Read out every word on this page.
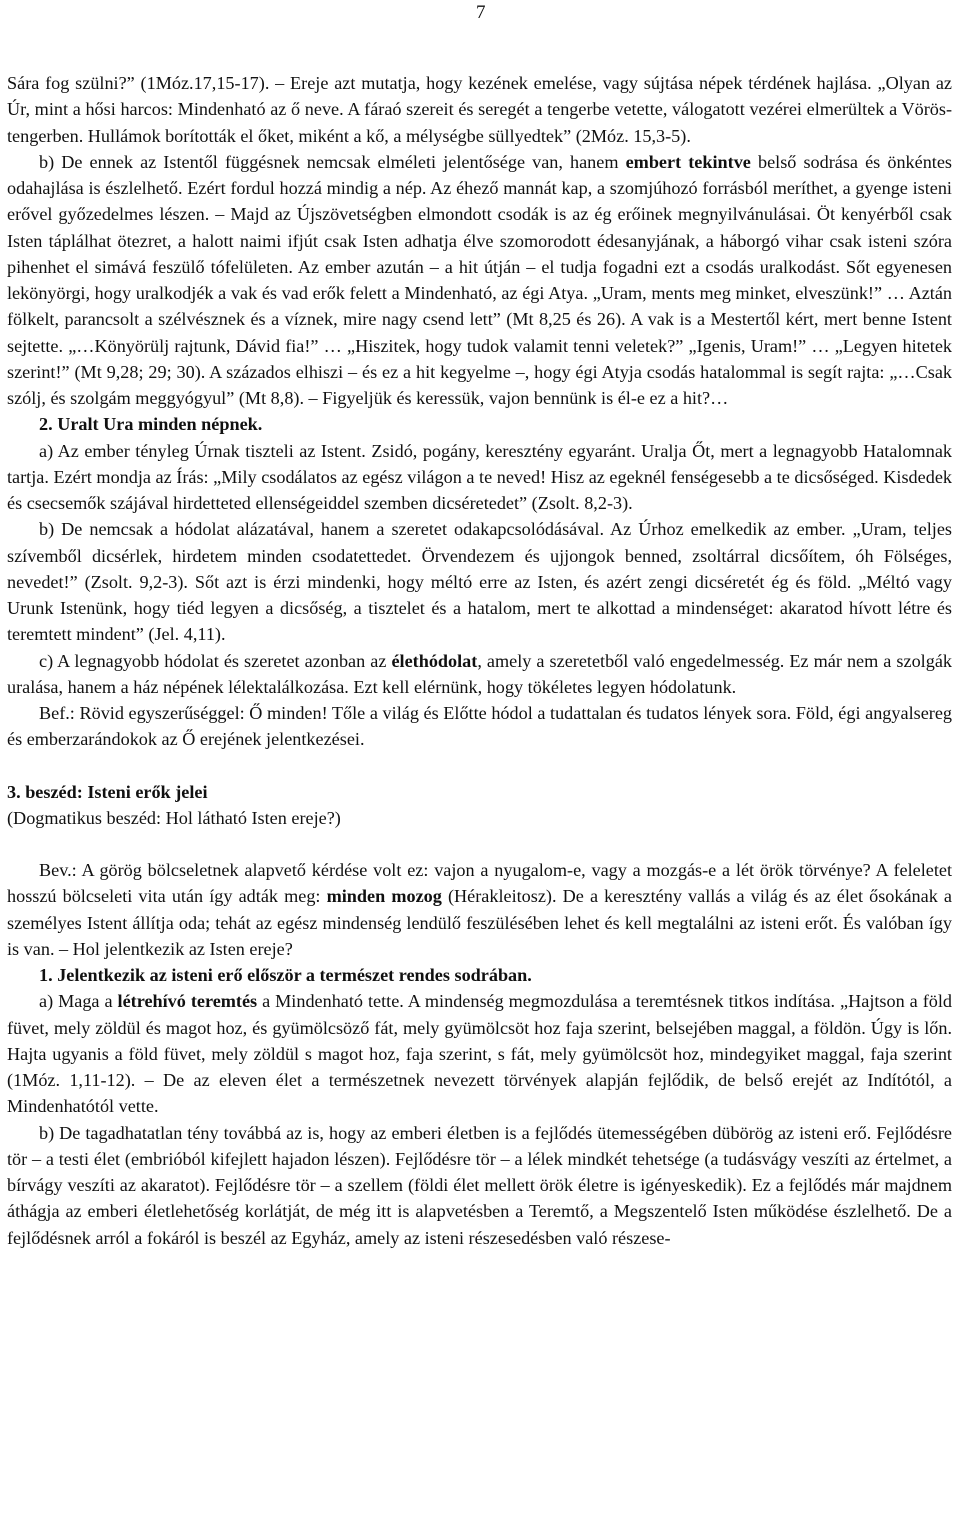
7

Sára fog szülni?” (1Móz.17,15-17). – Ereje azt mutatja, hogy kezének emelése, vagy sújtása népek térdének hajlása. „Olyan az Úr, mint a hősi harcos: Mindenható az ő neve. A fáraó szereit és seregét a tengerbe vetette, válogatott vezérei elmerültek a Vörös-tengerben. Hullámok borították el őket, miként a kő, a mélységbe süllyedtek” (2Móz. 15,3-5).

b) De ennek az Istentől függésnek nemcsak elméleti jelentősége van, hanem embert tekintve belső sodrása és önkéntes odahajlása is észlelhető. Ezért fordul hozzá mindig a nép. Az éhező mannát kap, a szomjúhozó forrásból meríthet, a gyenge isteni erővel győzedelmes lészen. – Majd az Újszövetségben elmondott csodák is az ég erőinek megnyilvánulásai. Öt kenyérből csak Isten táplálhat ötezret, a halott naimi ifjút csak Isten adhatja élve szomorodott édesanyjának, a háborgó vihar csak isteni szóra pihenhet el simává feszülő tófelületen. Az ember azután – a hit útján – el tudja fogadni ezt a csodás uralkodást. Sőt egyenesen lekönyörgi, hogy uralkodjék a vak és vad erők felett a Mindenható, az égi Atya. „Uram, ments meg minket, elveszünk!” … Aztán fölkelt, parancsolt a szélvésznek és a víznek, mire nagy csend lett” (Mt 8,25 és 26). A vak is a Mestertől kért, mert benne Istent sejtette. „…Könyörülj rajtunk, Dávid fia!” … „Hiszitek, hogy tudok valamit tenni veletek?” „Igenis, Uram!” … „Legyen hitetek szerint!” (Mt 9,28; 29; 30). A százados elhiszi – és ez a hit kegyelme –, hogy égi Atyja csodás hatalommal is segít rajta: „…Csak szólj, és szolgám meggyógyul” (Mt 8,8). – Figyeljük és keressük, vajon bennünk is él-e ez a hit?…

2. Uralt Ura minden népnek.

a) Az ember tényleg Úrnak tiszteli az Istent. Zsidó, pogány, keresztény egyaránt. Uralja Őt, mert a legnagyobb Hatalomnak tartja. Ezért mondja az Írás: „Mily csodálatos az egész világon a te neved! Hisz az egeknél fenségesebb a te dicsőséged. Kisdedek és csecsemők szájával hirdetteted ellenségeiddel szemben dicséretedet” (Zsolt. 8,2-3).

b) De nemcsak a hódolat alázatával, hanem a szeretet odakapcsolódásával. Az Úrhoz emelkedik az ember. „Uram, teljes szívemből dicsérlek, hirdetem minden csodatettedet. Örvendezem és ujjongok benned, zsoltárral dicsőítem, óh Fölséges, nevedet!” (Zsolt. 9,2-3). Sőt azt is érzi mindenki, hogy méltó erre az Isten, és azért zengi dicséretét ég és föld. „Méltó vagy Urunk Istenünk, hogy tiéd legyen a dicsőség, a tisztelet és a hatalom, mert te alkottad a mindenséget: akaratod hívott létre és teremtett mindent” (Jel. 4,11).

c) A legnagyobb hódolat és szeretet azonban az élethódolat, amely a szeretetből való engedelmesség. Ez már nem a szolgák uralása, hanem a ház népének lélektalálkozása. Ezt kell elérnünk, hogy tökéletes legyen hódolatunk.

Bef.: Rövid egyszerűséggel: Ő minden! Tőle a világ és Előtte hódol a tudattalan és tudatos lények sora. Föld, égi angyalsereg és emberzarándokok az Ő erejének jelentkezései.

3. beszéd: Isteni erők jelei

(Dogmatikus beszéd: Hol látható Isten ereje?)

Bev.: A görög bölcseletnek alapvető kérdése volt ez: vajon a nyugalom-e, vagy a mozgás-e a lét örök törvénye? A feleletet hosszú bölcseleti vita után így adták meg: minden mozog (Hérakleitosz). De a keresztény vallás a világ és az élet ősokának a személyes Istent állítja oda; tehát az egész mindenség lendülő feszülésében lehet és kell megtalálni az isteni erőt. És valóban így is van. – Hol jelentkezik az Isten ereje?

1. Jelentkezik az isteni erő először a természet rendes sodrában.

a) Maga a létrehívó teremtés a Mindenható tette. A mindenség megmozdulása a teremtésnek titkos indítása. „Hajtson a föld füvet, mely zöldül és magot hoz, és gyümölcsöző fát, mely gyümölcsöt hoz faja szerint, belsejében maggal, a földön. Úgy is lőn. Hajta ugyanis a föld füvet, mely zöldül s magot hoz, faja szerint, s fát, mely gyümölcsöt hoz, mindegyiket maggal, faja szerint (1Móz. 1,11-12). – De az eleven élet a természetnek nevezett törvények alapján fejlődik, de belső erejét az Indítótól, a Mindenhatótól vette.

b) De tagadhatatlan tény továbbá az is, hogy az emberi életben is a fejlődés ütemességében dübörög az isteni erő. Fejlődésre tör – a testi élet (embrióból kifejlett hajadon lészen). Fejlődésre tör – a lélek mindkét tehetsége (a tudásvágy veszíti az értelmet, a bírvágy veszíti az akaratot). Fejlődésre tör – a szellem (földi élet mellett örök életre is igényeskedik). Ez a fejlődés már majdnem áthágja az emberi életlehetőség korlátját, de még itt is alapvetésben a Teremtő, a Megszentelő Isten működése észlelhető. De a fejlődésnek arról a fokáról is beszél az Egyház, amely az isteni részesedésben való részese-
